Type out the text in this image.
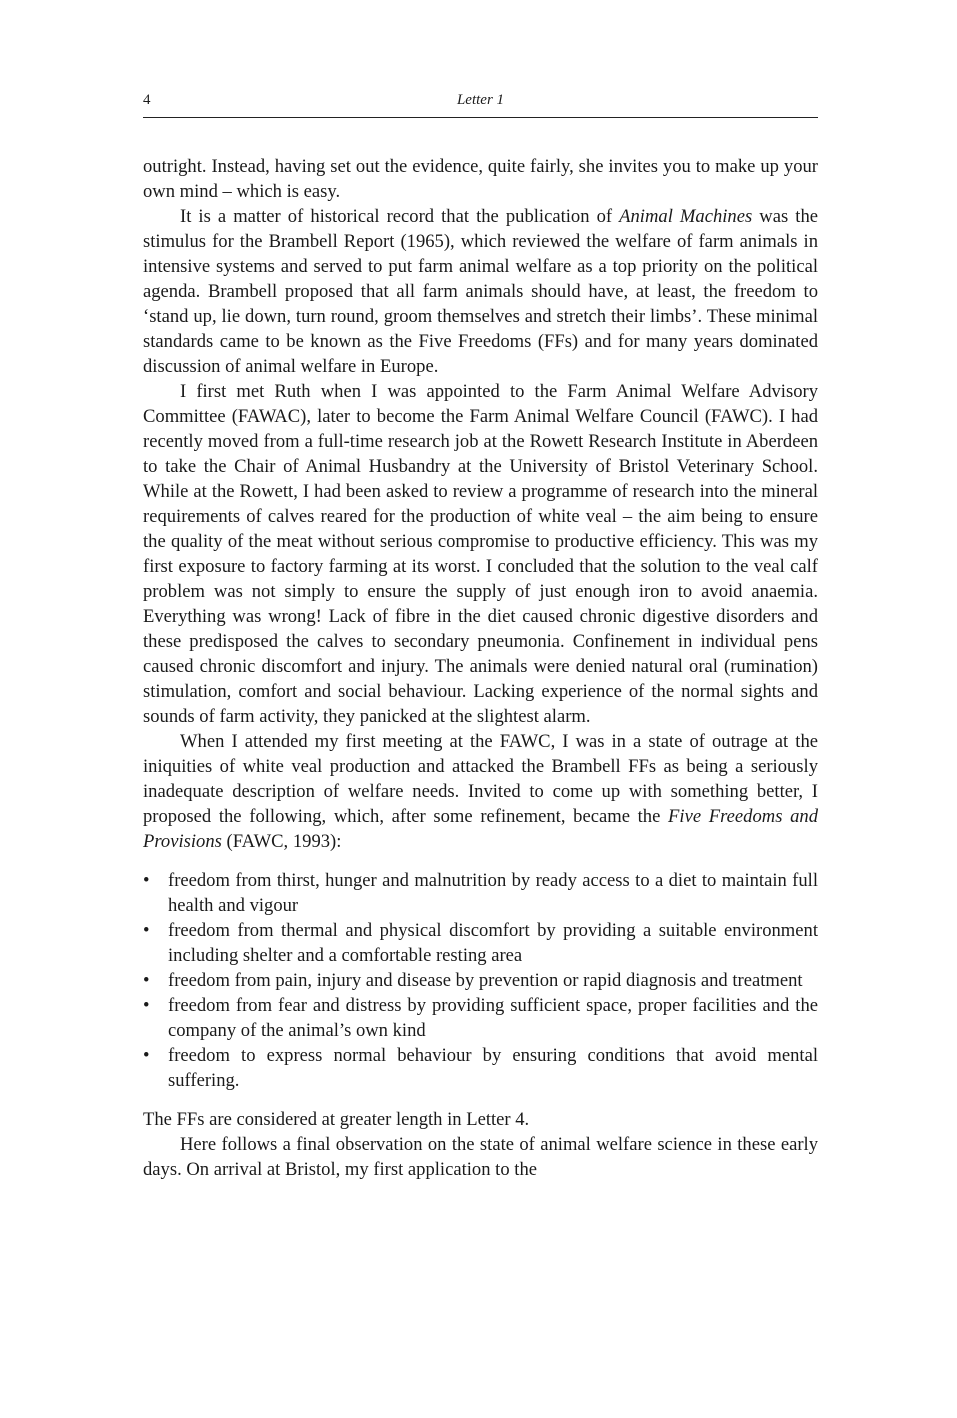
4	Letter 1

outright. Instead, having set out the evidence, quite fairly, she invites you to make up your own mind – which is easy.

It is a matter of historical record that the publication of Animal Machines was the stimulus for the Brambell Report (1965), which reviewed the welfare of farm animals in intensive systems and served to put farm animal welfare as a top priority on the political agenda. Brambell proposed that all farm animals should have, at least, the freedom to ‘stand up, lie down, turn round, groom themselves and stretch their limbs’. These minimal standards came to be known as the Five Freedoms (FFs) and for many years dominated discussion of animal welfare in Europe.

I first met Ruth when I was appointed to the Farm Animal Welfare Advisory Committee (FAWAC), later to become the Farm Animal Welfare Council (FAWC). I had recently moved from a full-time research job at the Rowett Research Institute in Aberdeen to take the Chair of Animal Husbandry at the University of Bristol Veterinary School. While at the Rowett, I had been asked to review a programme of research into the mineral requirements of calves reared for the production of white veal – the aim being to ensure the quality of the meat without serious compromise to productive efficiency. This was my first exposure to factory farming at its worst. I concluded that the solution to the veal calf problem was not simply to ensure the supply of just enough iron to avoid anaemia. Everything was wrong! Lack of fibre in the diet caused chronic digestive disorders and these predisposed the calves to secondary pneumonia. Confinement in individual pens caused chronic discomfort and injury. The animals were denied natural oral (rumination) stimulation, comfort and social behaviour. Lacking experience of the normal sights and sounds of farm activity, they panicked at the slightest alarm.

When I attended my first meeting at the FAWC, I was in a state of outrage at the iniquities of white veal production and attacked the Brambell FFs as being a seriously inadequate description of welfare needs. Invited to come up with something better, I proposed the following, which, after some refinement, became the Five Freedoms and Provisions (FAWC, 1993):

• freedom from thirst, hunger and malnutrition by ready access to a diet to maintain full health and vigour
• freedom from thermal and physical discomfort by providing a suitable environment including shelter and a comfortable resting area
• freedom from pain, injury and disease by prevention or rapid diagnosis and treatment
• freedom from fear and distress by providing sufficient space, proper facilities and the company of the animal’s own kind
• freedom to express normal behaviour by ensuring conditions that avoid mental suffering.

The FFs are considered at greater length in Letter 4.

Here follows a final observation on the state of animal welfare science in these early days. On arrival at Bristol, my first application to the
